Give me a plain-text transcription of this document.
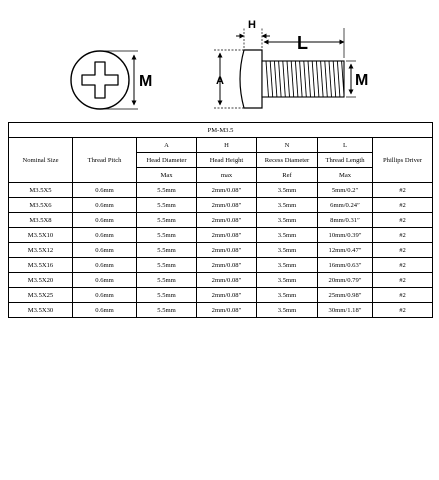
M
H
L
A	M
PM-M3.5						
Nominal Size	Thread Pitch	A	H	N	L	Phillips Driver
		Head Diameter	Head Height	Recess Diameter	Thread Length	
		Max	max	Ref	Max	
M3.5X5	0.6mm	5.5mm	2mm/0.08″	3.5mm	5mm/0.2″	#2
M3.5X6	0.6mm	5.5mm	2mm/0.08″	3.5mm	6mm/0.24″	#2
M3.5X8	0.6mm	5.5mm	2mm/0.08″	3.5mm	8mm/0.31″	#2
M3.5X10	0.6mm	5.5mm	2mm/0.08″	3.5mm	10mm/0.39″	#2
M3.5X12	0.6mm	5.5mm	2mm/0.08″	3.5mm	12mm/0.47″	#2
M3.5X16	0.6mm	5.5mm	2mm/0.08″	3.5mm	16mm/0.63″	#2
M3.5X20	0.6mm	5.5mm	2mm/0.08″	3.5mm	20mm/0.79″	#2
M3.5X25	0.6mm	5.5mm	2mm/0.08″	3.5mm	25mm/0.98″	#2
M3.5X30	0.6mm	5.5mm	2mm/0.08″	3.5mm	30mm/1.18″	#2
